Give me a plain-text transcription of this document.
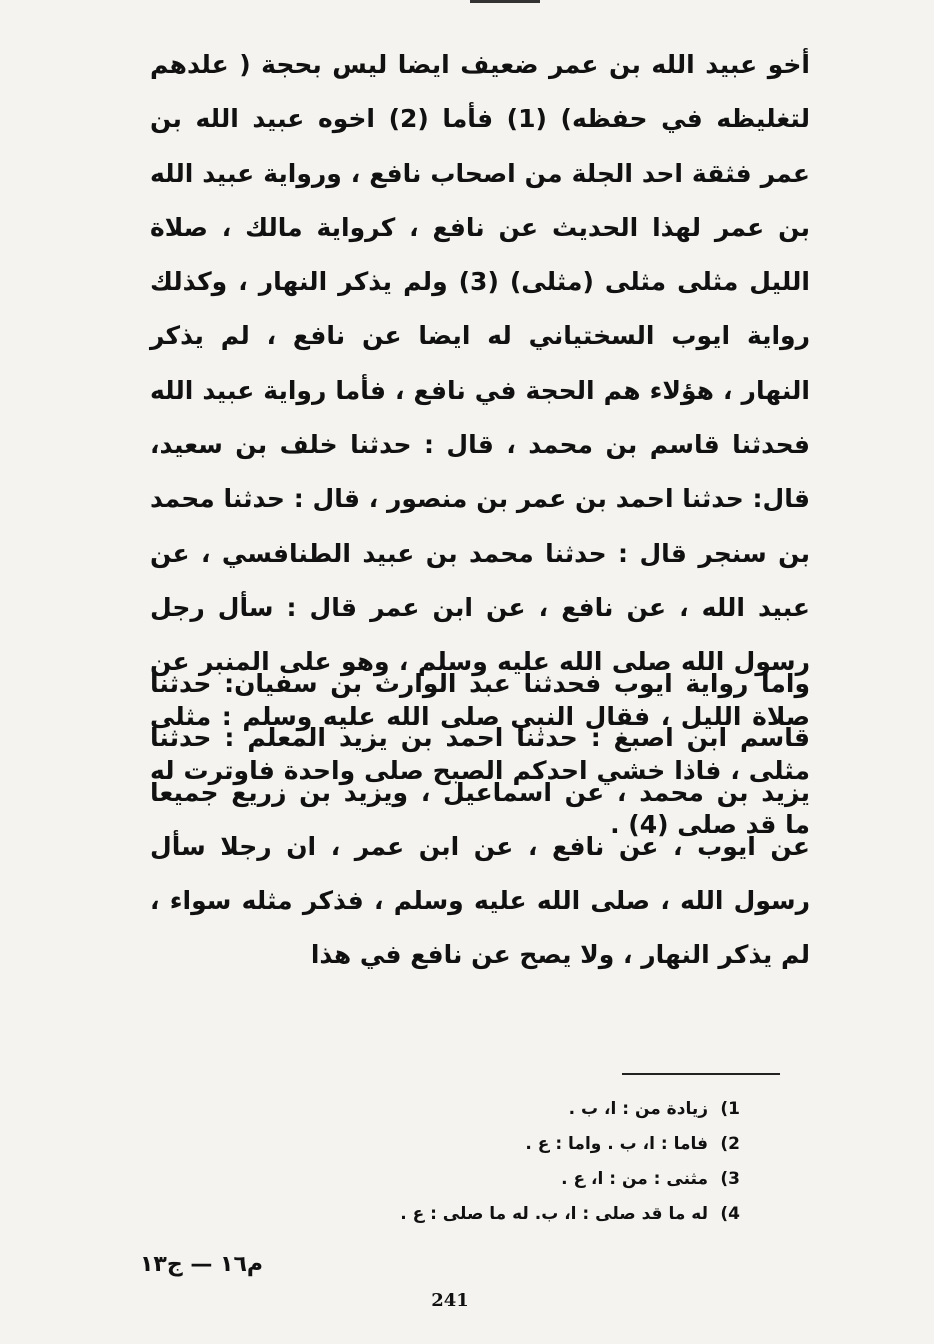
أخو عبيد الله بن عمر ضعيف ايضا ليس بحجة ( علدهم لتغليظه في حفظه) (1) فأما (2) اخوه عبيد الله بن عمر فثقة احد الجلة من اصحاب نافع ، ورواية عبيد الله بن عمر لهذا الحديث عن نافع ، كرواية مالك ، صلاة الليل مثلى مثلى (مثلى) (3) ولم يذكر النهار ، وكذلك رواية ايوب السختياني له ايضا عن نافع ، لم يذكر النهار ، هؤلاء هم الحجة في نافع ، فأما رواية عبيد الله فحدثنا قاسم بن محمد ، قال : حدثنا خلف بن سعيد، قال: حدثنا احمد بن عمر بن منصور ، قال : حدثنا محمد بن سنجر قال : حدثنا محمد بن عبيد الطنافسي ، عن عبيد الله ، عن نافع ، عن ابن عمر قال : سأل رجل رسول الله صلى الله عليه وسلم ، وهو على المنبر عن صلاة الليل ، فقال النبي صلى الله عليه وسلم : مثلى مثلى ، فاذا خشي احدكم الصبح صلى واحدة فاوترت له ما قد صلى (4) .

واما رواية ايوب فحدثنا عبد الوارث بن سفيان: حدثنا قاسم ابن اصبغ : حدثنا احمد بن يزيد المعلم : حدثنا يزيد بن محمد ، عن اسماعيل ، ويزيد بن زريع جميعا عن ايوب ، عن نافع ، عن ابن عمر ، ان رجلا سأل رسول الله ، صلى الله عليه وسلم ، فذكر مثله سواء ، لم يذكر النهار ، ولا يصح عن نافع في هذا

1)زيادة من : ا، ب .
2)فاما : ا، ب . واما : ع .
3)مثنى : من : ا، ع .
4)له ما قد صلى : ا، ب. له ما صلى : ع .
م١٦ — ج١٣
241
